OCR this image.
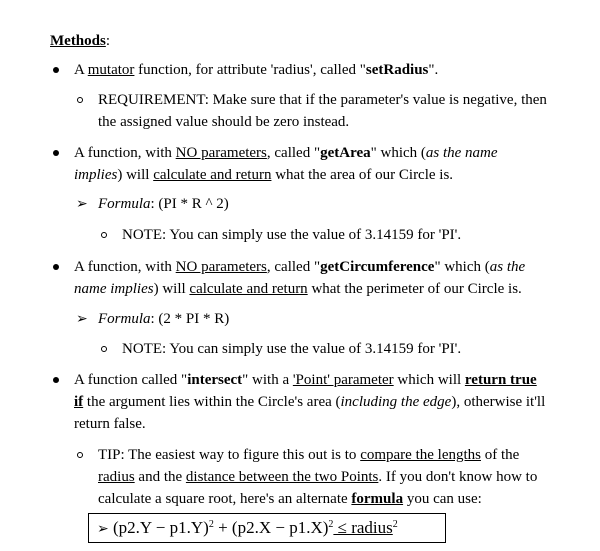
Methods:
A mutator function, for attribute 'radius', called "setRadius".
REQUIREMENT: Make sure that if the parameter's value is negative, then
the assigned value should be zero instead.
A function, with NO parameters, called "getArea" which (as the name
implies) will calculate and return what the area of our Circle is.
➢ Formula: (PI * R ^ 2)
NOTE: You can simply use the value of 3.14159 for 'PI'.
A function, with NO parameters, called "getCircumference" which (as the
name implies) will calculate and return what the perimeter of our Circle is.
➢ Formula: (2 * PI * R)
NOTE: You can simply use the value of 3.14159 for 'PI'.
A function called "intersect" with a 'Point' parameter which will return true
if the argument lies within the Circle's area (including the edge), otherwise it'll
return false.
TIP: The easiest way to figure this out is to compare the lengths of the
radius and the distance between the two Points. If you don't know how to
calculate a square root, here's an alternate formula you can use:
➢ $(p2.Y - p1.Y)^2 + (p2.X - p1.X)^2$ ≤ radius$^2$
